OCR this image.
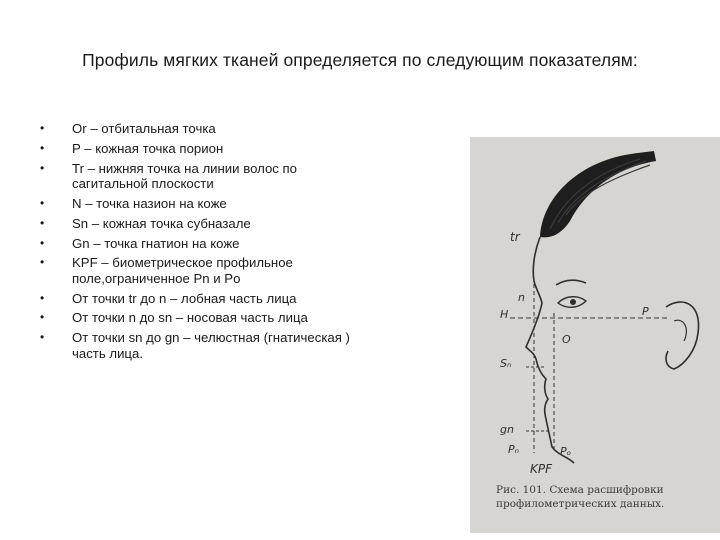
Профиль мягких тканей определяется по следующим показателям:
• Or – отбитальная точка
• P – кожная точка порион
• Tr – нижняя точка на линии волос по сагитальной плоскости
• N – точка назион на коже
• Sn – кожная точка субназале
• Gn – точка гнатион на коже
• KPF – биометрическое профильное поле,ограниченное Pn и Po
• От точки tr до n – лобная часть лица
• От точки n до sn – носовая часть лица
• От точки sn до gn – челюстная (гнатическая ) часть лица.
tr
n
H	P
O
Sₙ
gn
Pₙ	Pₒ
KPF
Рис. 101. Схема расшифровки
профилометрических данных.
